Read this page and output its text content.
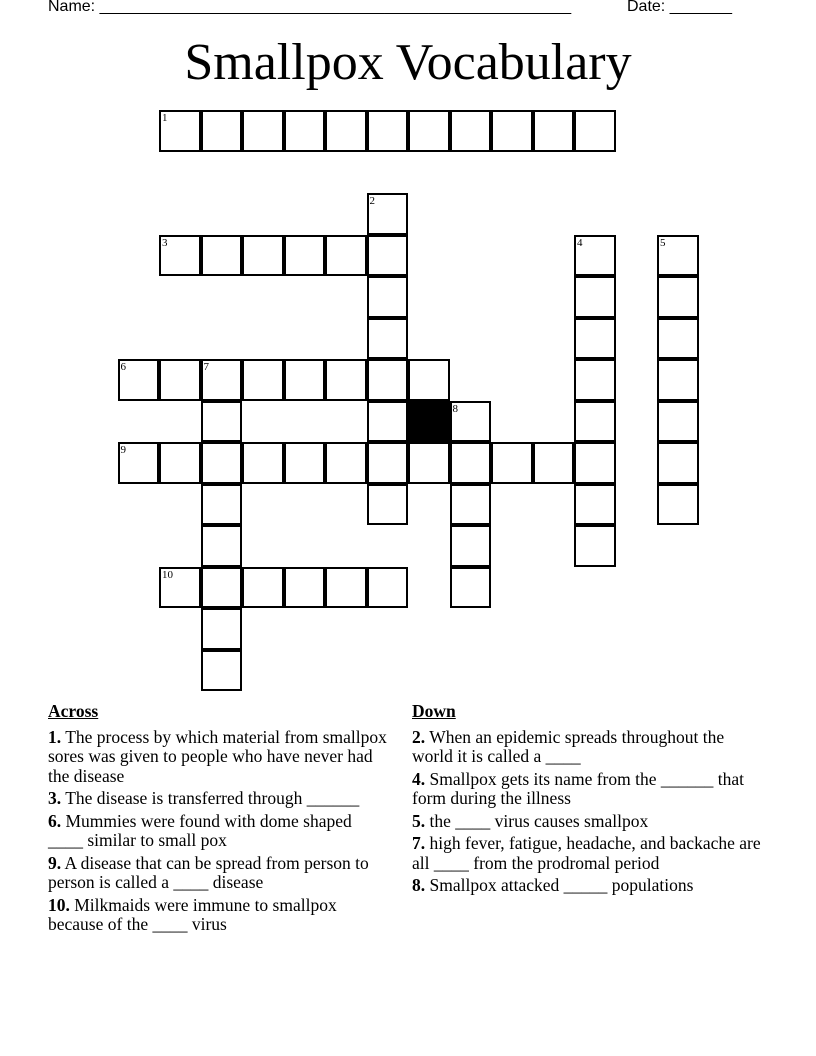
Name: _____________________________________________________	Date: _______
Smallpox Vocabulary
1
3
6	7
9
10
2
4	5
8
Across
1. The process by which material from smallpox sores was given to people who have never had the disease
3. The disease is transferred through ______
6. Mummies were found with dome shaped ____ similar to small pox
9. A disease that can be spread from person to person is called a ____ disease
10. Milkmaids were immune to smallpox because of the ____ virus
Down
2. When an epidemic spreads throughout the world it is called a ____
4. Smallpox gets its name from the ______ that form during the illness
5. the ____ virus causes smallpox
7. high fever, fatigue, headache, and backache are all ____ from the prodromal period
8. Smallpox attacked _____ populations
